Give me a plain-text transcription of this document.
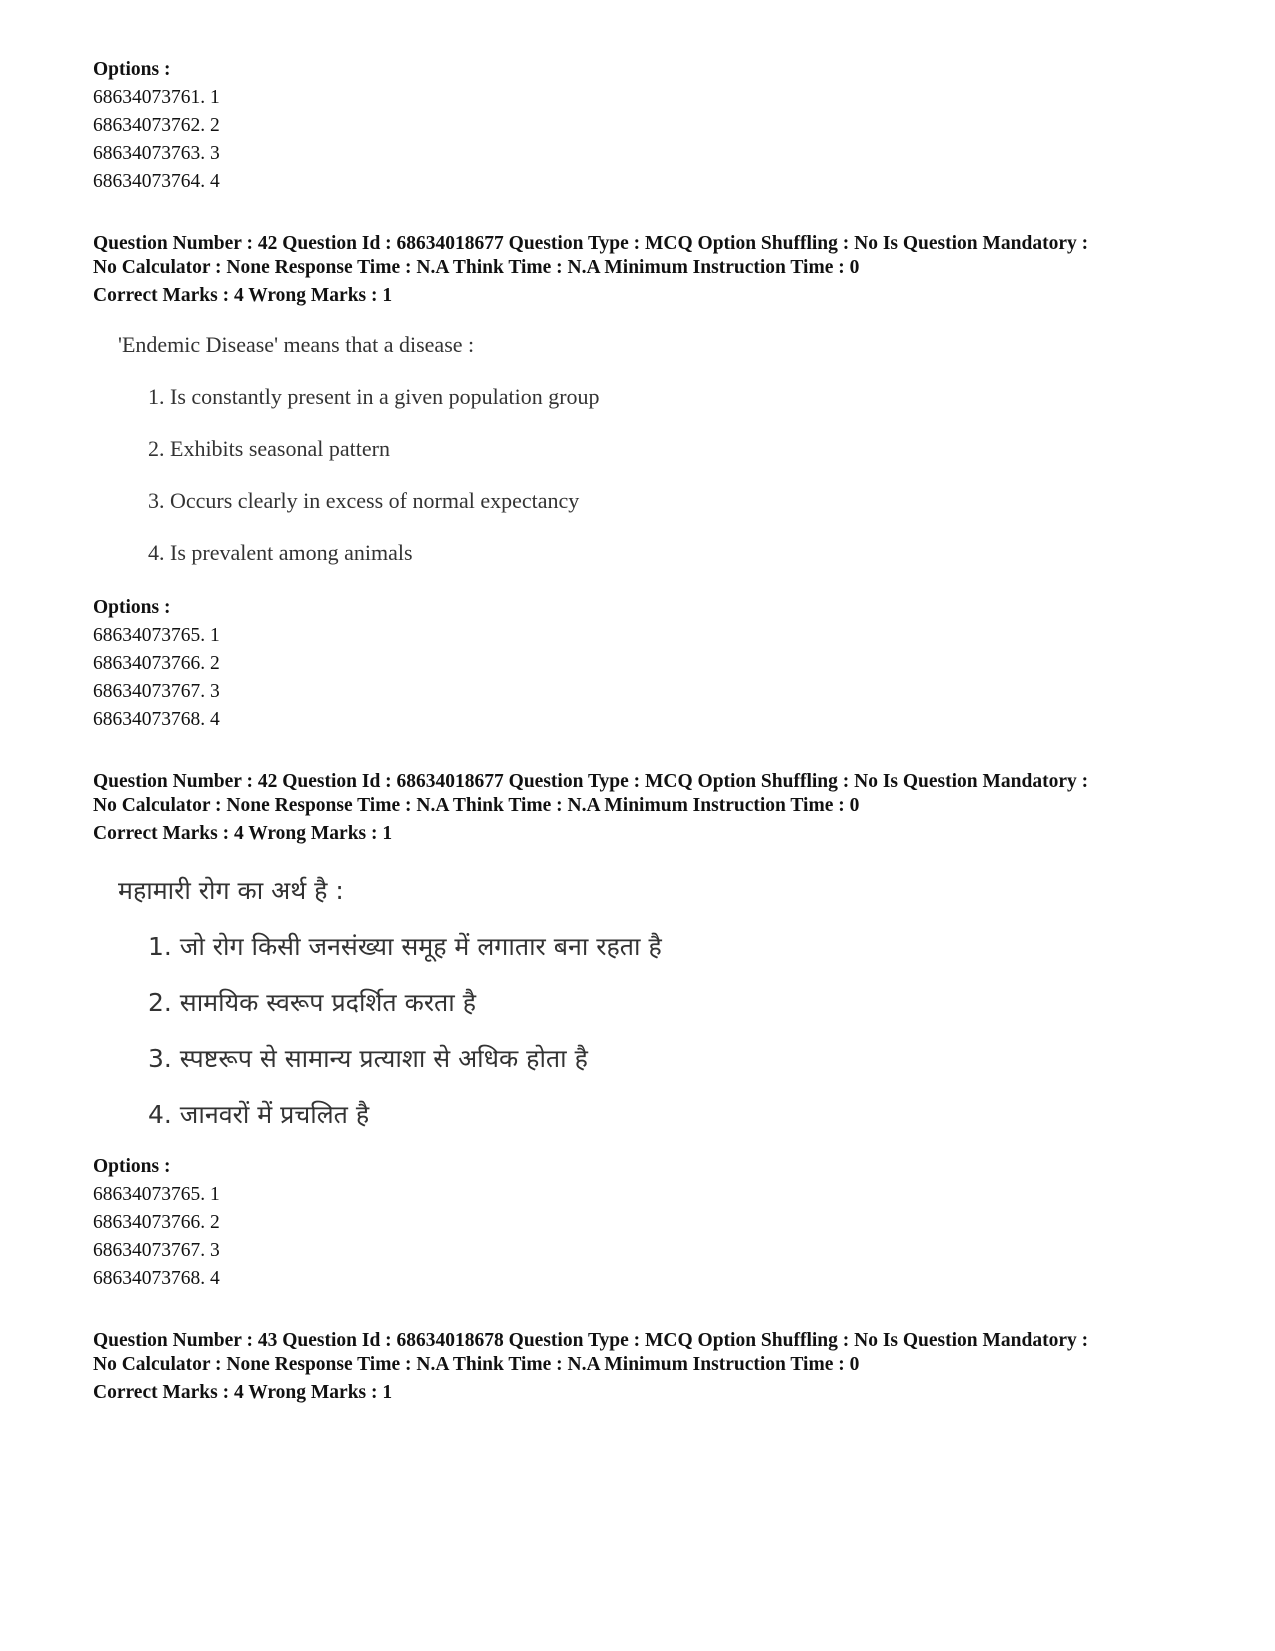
Options :
68634073761. 1
68634073762. 2
68634073763. 3
68634073764. 4
Question Number : 42 Question Id : 68634018677 Question Type : MCQ Option Shuffling : No Is Question Mandatory :
No Calculator : None Response Time : N.A Think Time : N.A Minimum Instruction Time : 0
Correct Marks : 4 Wrong Marks : 1
'Endemic Disease' means that a disease :
1. Is constantly present in a given population group
2. Exhibits seasonal pattern
3. Occurs clearly in excess of normal expectancy
4. Is prevalent among animals
Options :
68634073765. 1
68634073766. 2
68634073767. 3
68634073768. 4
Question Number : 42 Question Id : 68634018677 Question Type : MCQ Option Shuffling : No Is Question Mandatory :
No Calculator : None Response Time : N.A Think Time : N.A Minimum Instruction Time : 0
Correct Marks : 4 Wrong Marks : 1
महामारी रोग का अर्थ है :
1. जो रोग किसी जनसंख्या समूह में लगातार बना रहता है
2. सामयिक स्वरूप प्रदर्शित करता है
3. स्पष्टरूप से सामान्य प्रत्याशा से अधिक होता है
4. जानवरों में प्रचलित है
Options :
68634073765. 1
68634073766. 2
68634073767. 3
68634073768. 4
Question Number : 43 Question Id : 68634018678 Question Type : MCQ Option Shuffling : No Is Question Mandatory :
No Calculator : None Response Time : N.A Think Time : N.A Minimum Instruction Time : 0
Correct Marks : 4 Wrong Marks : 1
